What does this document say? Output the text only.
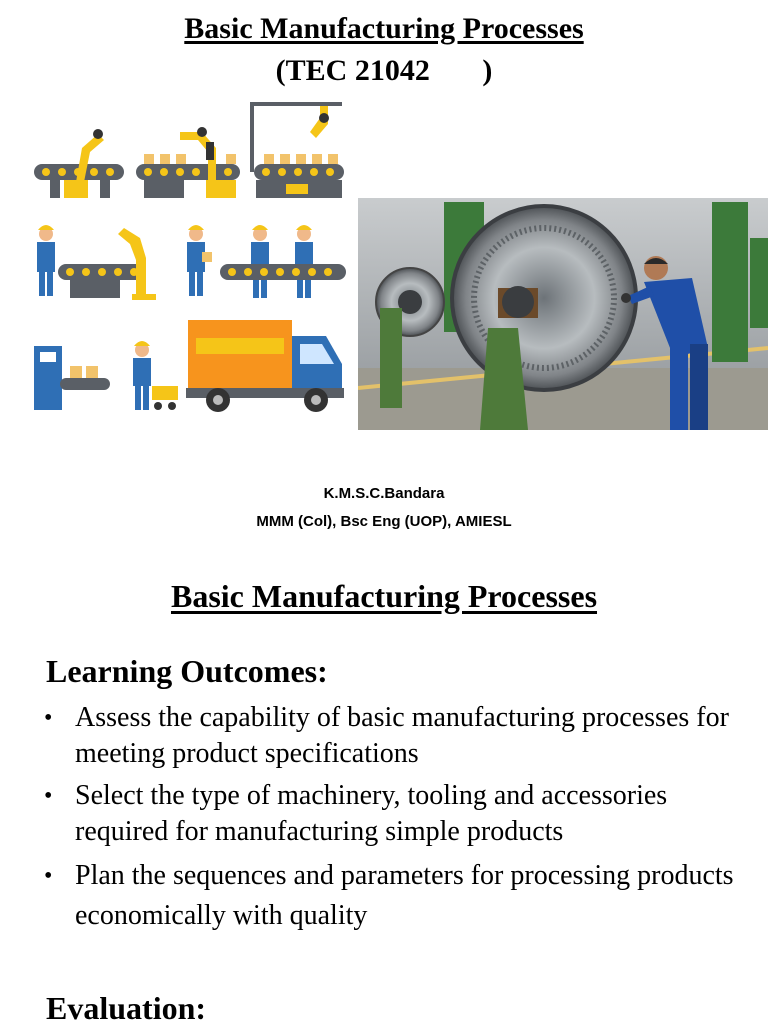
Basic Manufacturing Processes
(TEC 21042       )
K.M.S.C.Bandara
MMM (Col), Bsc Eng (UOP), AMIESL
Basic Manufacturing Processes
Learning Outcomes:
• Assess the capability of basic manufacturing processes for meeting product specifications
• Select the type of machinery, tooling and accessories required for manufacturing simple products
• Plan the sequences and parameters for processing products economically with quality
Evaluation:
